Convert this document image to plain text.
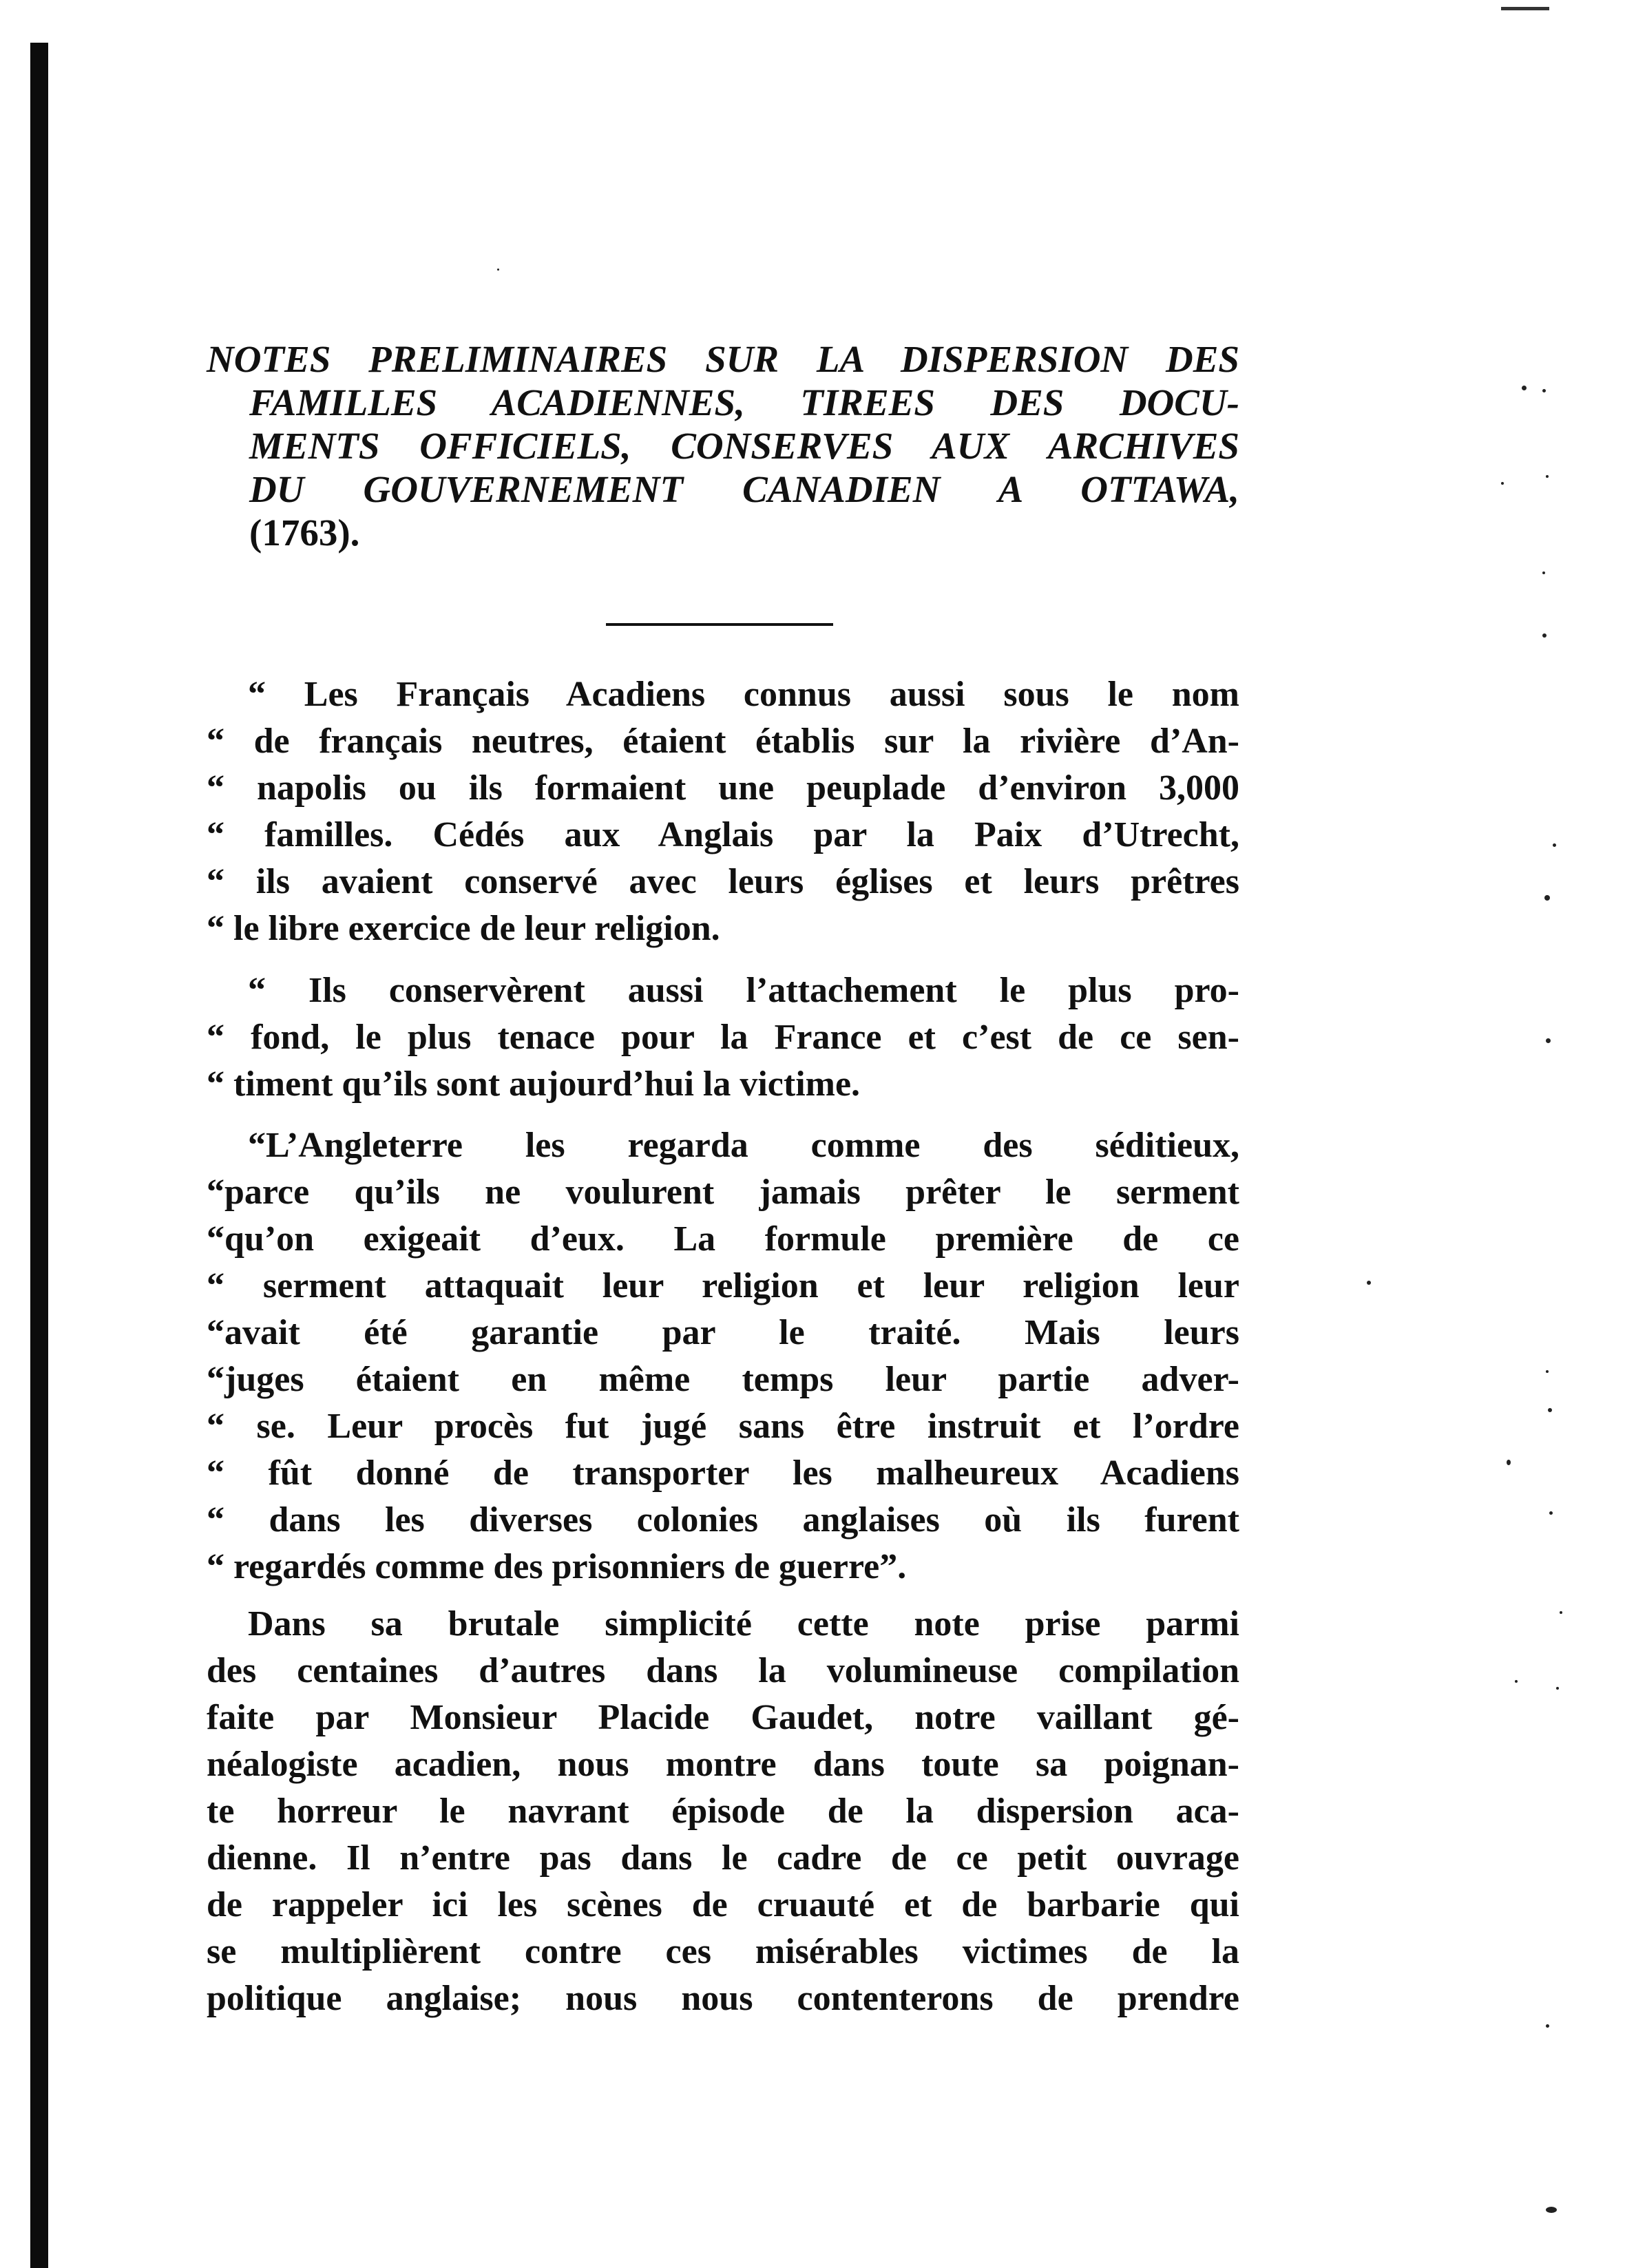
NOTES PRELIMINAIRES SUR LA DISPERSION DES
FAMILLES ACADIENNES, TIREES DES DOCU-
MENTS OFFICIELS, CONSERVES AUX ARCHIVES
DU GOUVERNEMENT CANADIEN A OTTAWA,
(1763).
“ Les Français Acadiens connus aussi sous le nom
“ de français neutres, étaient établis sur la rivière d’An-
“ napolis ou ils formaient une peuplade d’environ 3,000
“ familles. Cédés aux Anglais par la Paix d’Utrecht,
“ ils avaient conservé avec leurs églises et leurs prêtres
“ le libre exercice de leur religion.
“ Ils conservèrent aussi l’attachement le plus pro-
“ fond, le plus tenace pour la France et c’est de ce sen-
“ timent qu’ils sont aujourd’hui la victime.
“L’Angleterre les regarda comme des séditieux,
“parce qu’ils ne voulurent jamais prêter le serment
“qu’on exigeait d’eux. La formule première de ce
“ serment attaquait leur religion et leur religion leur
“avait été garantie par le traité. Mais leurs
“juges étaient en même temps leur partie adver-
“ se. Leur procès fut jugé sans être instruit et l’ordre
“ fût donné de transporter les malheureux Acadiens
“ dans les diverses colonies anglaises où ils furent
“ regardés comme des prisonniers de guerre”.
Dans sa brutale simplicité cette note prise parmi
des centaines d’autres dans la volumineuse compilation
faite par Monsieur Placide Gaudet, notre vaillant gé-
néalogiste acadien, nous montre dans toute sa poignan-
te horreur le navrant épisode de la dispersion aca-
dienne. Il n’entre pas dans le cadre de ce petit ouvrage
de rappeler ici les scènes de cruauté et de barbarie qui
se multiplièrent contre ces misérables victimes de la
politique anglaise; nous nous contenterons de prendre
